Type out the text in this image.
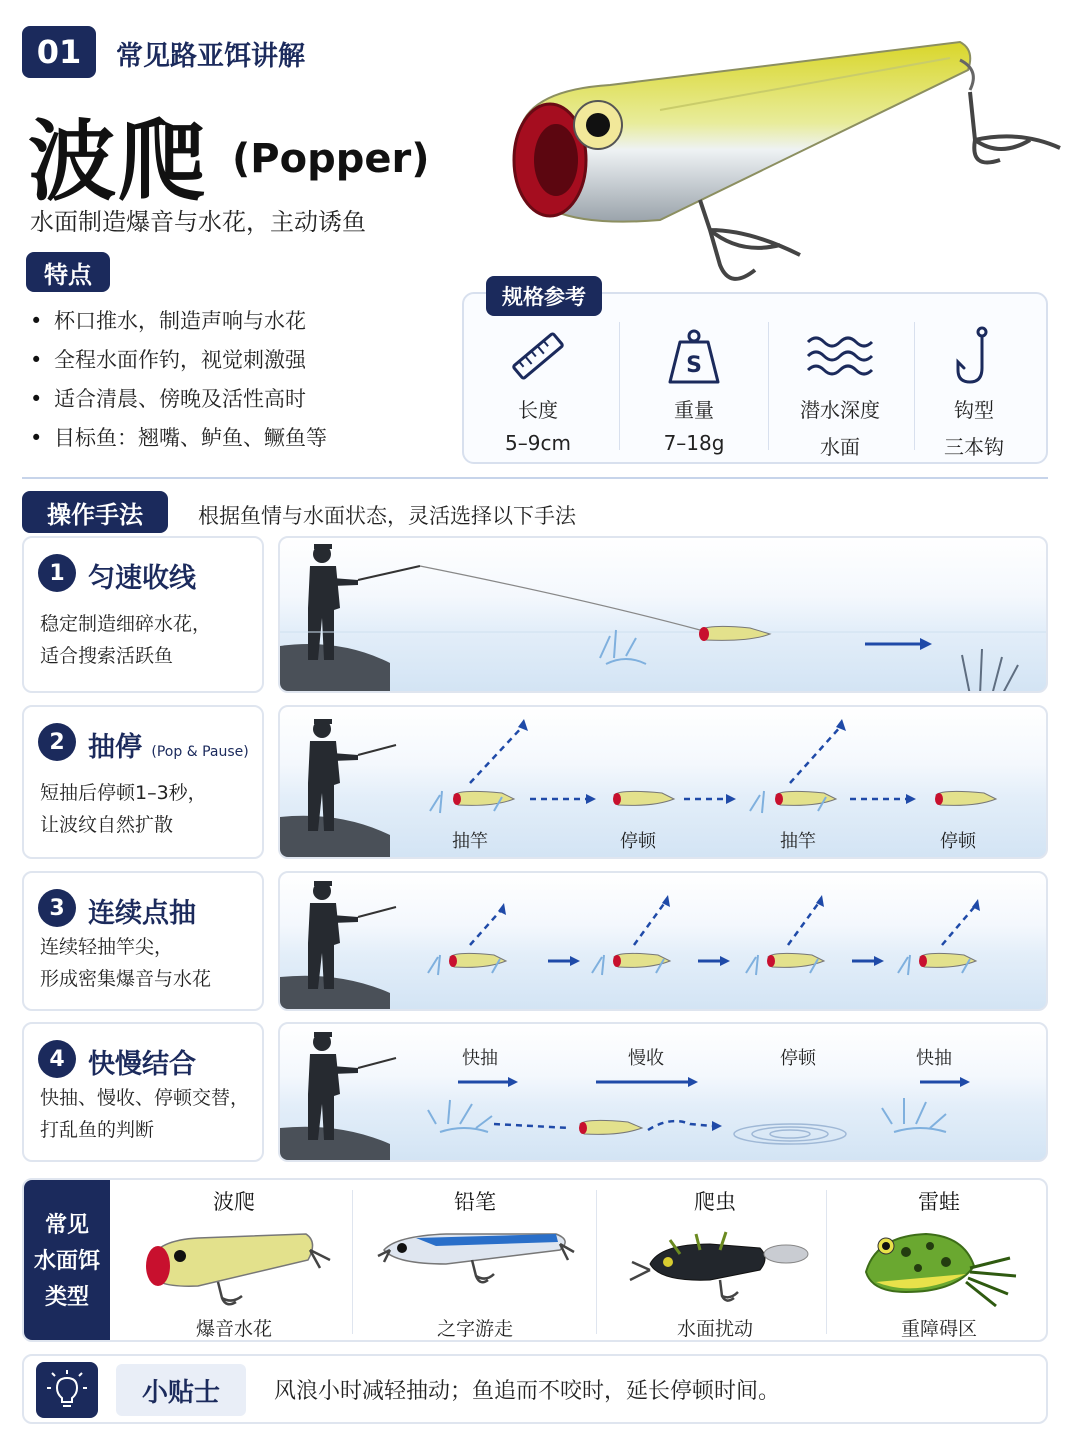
01	常见路亚饵讲解
波爬 (Popper)
水面制造爆音与水花，主动诱鱼
特点
• 杯口推水，制造声响与水花
• 全程水面作钓，视觉刺激强
• 适合清晨、傍晚及活性高时
• 目标鱼：翘嘴、鲈鱼、鳜鱼等
长度
5–9cm
S
重量
7–18g
潜水深度
水面
钩型
三本钩
规格参考
操作手法	根据鱼情与水面状态，灵活选择以下手法
1 匀速收线
稳定制造细碎水花，
适合搜索活跃鱼
2 抽停 (Pop & Pause)
短抽后停顿1–3秒，
让波纹自然扩散
抽竿	停顿	抽竿	停顿
3 连续点抽
连续轻抽竿尖，
形成密集爆音与水花
4 快慢结合
快抽、慢收、停顿交替，
打乱鱼的判断
快抽	慢收	停顿	快抽
常见
水面饵
类型
波爬
爆音水花
铅笔
之字游走
爬虫
水面扰动
雷蛙
重障碍区
小贴士	风浪小时减轻抽动；鱼追而不咬时，延长停顿时间。
